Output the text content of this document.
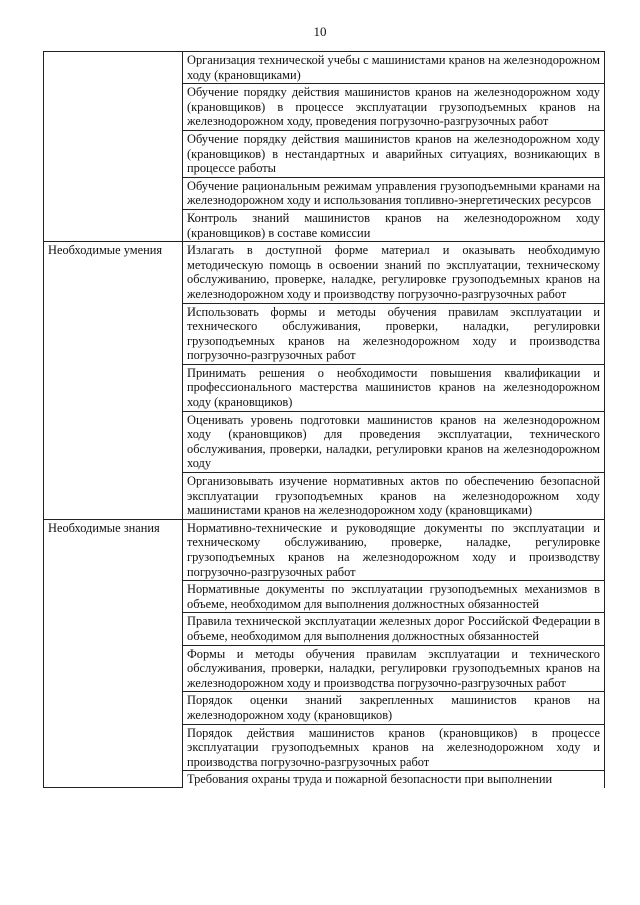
10
	Организация технической учебы с машинистами кранов на железнодорожном ходу (крановщиками)
	Обучение порядку действия машинистов кранов на железнодорожном ходу (крановщиков) в процессе эксплуатации грузоподъемных кранов на железнодорожном ходу, проведения погрузочно-разгрузочных работ
	Обучение порядку действия машинистов кранов на железнодорожном ходу (крановщиков) в нестандартных и аварийных ситуациях, возникающих в процессе работы
	Обучение рациональным режимам управления грузоподъемными кранами на железнодорожном ходу и использования топливно-энергетических ресурсов
	Контроль знаний машинистов кранов на железнодорожном ходу (крановщиков) в составе комиссии
Необходимые умения	Излагать в доступной форме материал и оказывать необходимую методическую помощь в освоении знаний по эксплуатации, техническому обслуживанию, проверке, наладке, регулировке грузоподъемных кранов на железнодорожном ходу и производству погрузочно-разгрузочных работ
	Использовать формы и методы обучения правилам эксплуатации и технического обслуживания, проверки, наладки, регулировки грузоподъемных кранов на железнодорожном ходу и производства погрузочно-разгрузочных работ
	Принимать решения о необходимости повышения квалификации и профессионального мастерства машинистов кранов на железнодорожном ходу (крановщиков)
	Оценивать уровень подготовки машинистов кранов на железнодорожном ходу (крановщиков) для проведения эксплуатации, технического обслуживания, проверки, наладки, регулировки кранов на железнодорожном ходу
	Организовывать изучение нормативных актов по обеспечению безопасной эксплуатации грузоподъемных кранов на железнодорожном ходу машинистами кранов на железнодорожном ходу (крановщиками)
Необходимые знания	Нормативно-технические и руководящие документы по эксплуатации и техническому обслуживанию, проверке, наладке, регулировке грузоподъемных кранов на железнодорожном ходу и производству погрузочно-разгрузочных работ
	Нормативные документы по эксплуатации грузоподъемных механизмов в объеме, необходимом для выполнения должностных обязанностей
	Правила технической эксплуатации железных дорог Российской Федерации в объеме, необходимом для выполнения должностных обязанностей
	Формы и методы обучения правилам эксплуатации и технического обслуживания, проверки, наладки, регулировки грузоподъемных кранов на железнодорожном ходу и производства погрузочно-разгрузочных работ
	Порядок оценки знаний закрепленных машинистов кранов на железнодорожном ходу (крановщиков)
	Порядок действия машинистов кранов (крановщиков) в процессе эксплуатации грузоподъемных кранов на железнодорожном ходу и производства погрузочно-разгрузочных работ
	Требования охраны труда и пожарной безопасности при выполнении
